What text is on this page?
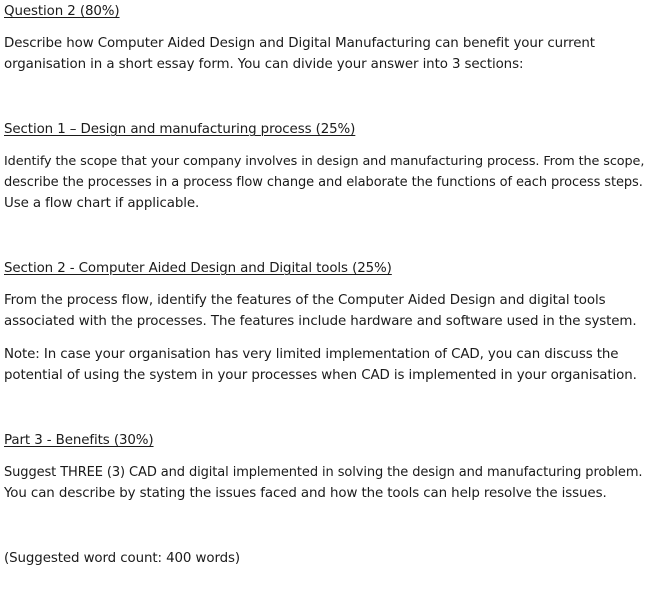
Question 2 (80%)
Describe how Computer Aided Design and Digital Manufacturing can benefit your current
organisation in a short essay form. You can divide your answer into 3 sections:
Section 1 – Design and manufacturing process (25%)
Identify the scope that your company involves in design and manufacturing process. From the scope,
describe the processes in a process flow change and elaborate the functions of each process steps.
Use a flow chart if applicable.
Section 2 - Computer Aided Design and Digital tools (25%)
From the process flow, identify the features of the Computer Aided Design and digital tools
associated with the processes. The features include hardware and software used in the system.
Note: In case your organisation has very limited implementation of CAD, you can discuss the
potential of using the system in your processes when CAD is implemented in your organisation.
Part 3 - Benefits (30%)
Suggest THREE (3) CAD and digital implemented in solving the design and manufacturing problem.
You can describe by stating the issues faced and how the tools can help resolve the issues.
(Suggested word count: 400 words)
